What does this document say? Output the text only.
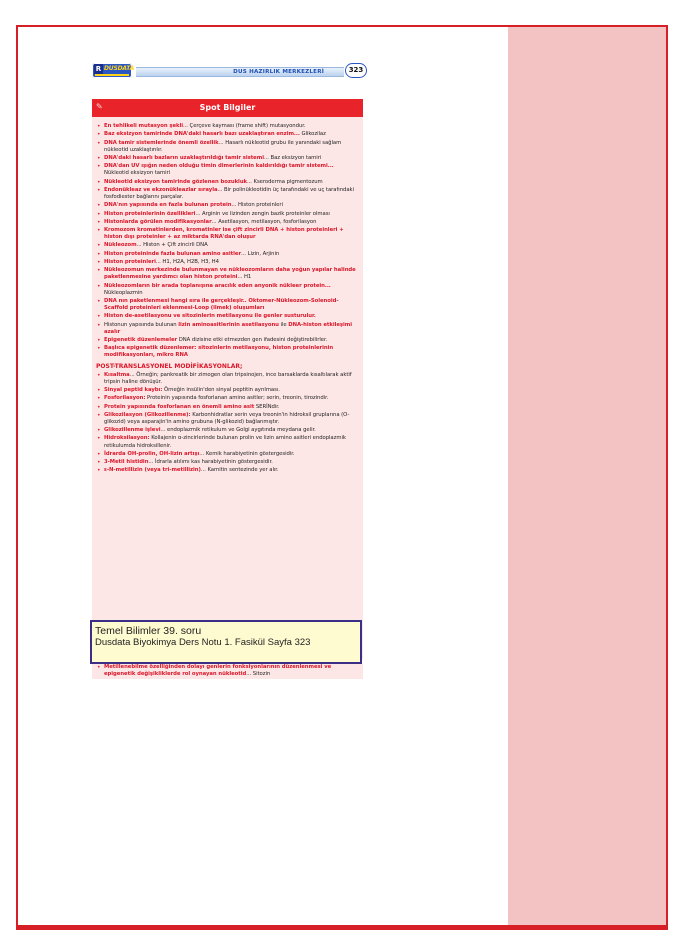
R DUSDATA	DUS HAZIRLIK MERKEZLERİ	323
✎	Spot Bilgiler
• En tehlikeli mutasyon şekli... Çerçeve kayması (frame shift) mutasyondur.
• Baz eksizyon tamirinde DNA'daki hasarlı bazı uzaklaştıran enzim... Glikozilaz
• DNA tamir sistemlerinde önemli özellik... Hasarlı nükleotid grubu ile yanındaki sağlam nükleotid uzaklaştırılır.
• DNA'daki hasarlı bazların uzaklaştırıldığı tamir sistemi... Baz eksizyon tamiri
• DNA'dan UV ışığın neden olduğu timin dimerlerinin kaldırıldığı tamir sistemi... Nükleotid eksizyon tamiri
• Nükleotid eksizyon tamirinde gözlenen bozukluk... Kseroderma pigmentozum
• Endonükleaz ve ekzonükleazlar sırayla... Bir polinükleotidin üç tarafındaki ve uç tarafındaki fosfodiester bağlarını parçalar.
• DNA'nın yapısında en fazla bulunan protein... Histon proteinleri
• Histon proteinlerinin özellikleri... Arginin ve lizinden zengin bazik proteinler olması
• Histonlarda görülen modifikasyonlar... Asetilasyon, metilasyon, fosforilasyon
• Kromozom kromatinlerden, kromatinler ise çift zincirli DNA + histon proteinleri + histon dışı proteinler + az miktarda RNA'dan oluşur
• Nükleozom... Histon + Çift zincirli DNA
• Histon proteininde fazla bulunan amino asitler... Lizin, Arjinin
• Histon proteinleri... H1, H2A, H2B, H3, H4
• Nükleozomun merkezinde bulunmayan ve nükleozomların daha yoğun yapılar halinde paketlenmesine yardımcı olan histon proteini... H1
• Nükleozomların bir arada toplanışına aracılık eden anyonik nükleer protein... Nükleoplazmin
• DNA nın paketlenmesi hangi sıra ile gerçekleşir.. Oktomer-Nükleozom-Solenoid-Scaffold proteinleri eklenmesi-Loop (ilmek) oluşumları
• Histon de-asetilasyonu ve sitozinlerin metilasyonu ile genler susturulur.
• Histonun yapısında bulunan lizin aminoasitlerinin asetilasyonu ile DNA-histon etkileşimi azalır
• Epigenetik düzenlemeler DNA dizisine etki etmezden gen ifadesini değiştirebilirler.
• Başlıca epigenetik düzenlemer: sitozinlerin metilasyonu, histon proteinlerinin modifikasyonları, mikro RNA
POST-TRANSLASYONEL MODİFİKASYONLAR;
• Kısaltma... Örneğin; pankreatik bir zimogen olan tripsinojen, ince barsaklarda kısaltılarak aktif tripsin haline dönüşür.
• Sinyal peptid kaybı: Örneğin insülin'den sinyal peptitin ayrılması.
• Fosforilasyon: Proteinin yapısında fosforlanan amino asitler; serin, treonin, tirozindir.
• Protein yapısında fosforlanan en önemli amino asit SERİNdir.
• Glikozilasyon (Glikozillenme): Karbonhidratlar serin veya treonin'in hidroksil gruplarına (O-glikozid) veya asparajin'in amino grubuna (N-glikozid) bağlanmıştır.
• Glikozillenme işlevi... endoplazmik retikulum ve Golgi aygıtında meydana gelir.
• Hidroksilasyon: Kollajenin α-zincirlerinde bulunan prolin ve lizin amino asitleri endoplazmik retikulumda hidroksillenir.
• İdrarda OH-prolin, OH-lizin artışı... Kemik harabiyetinin göstergesidir.
• 3-Metil histidin... İdrarla atılımı kas harabiyetinin göstergesidir.
• ε-N-metillizin (veya tri-metillizin)... Karnitin sentezinde yer alır.
Temel Bilimler 39. soru
Dusdata Biyokimya Ders Notu 1. Fasikül Sayfa 323
• Metillenebilme özelliğinden dolayı genlerin fonksiyonlarının düzenlenmesi ve epigenetik değişikliklerde rol oynayan nükleotid... Sitozin
